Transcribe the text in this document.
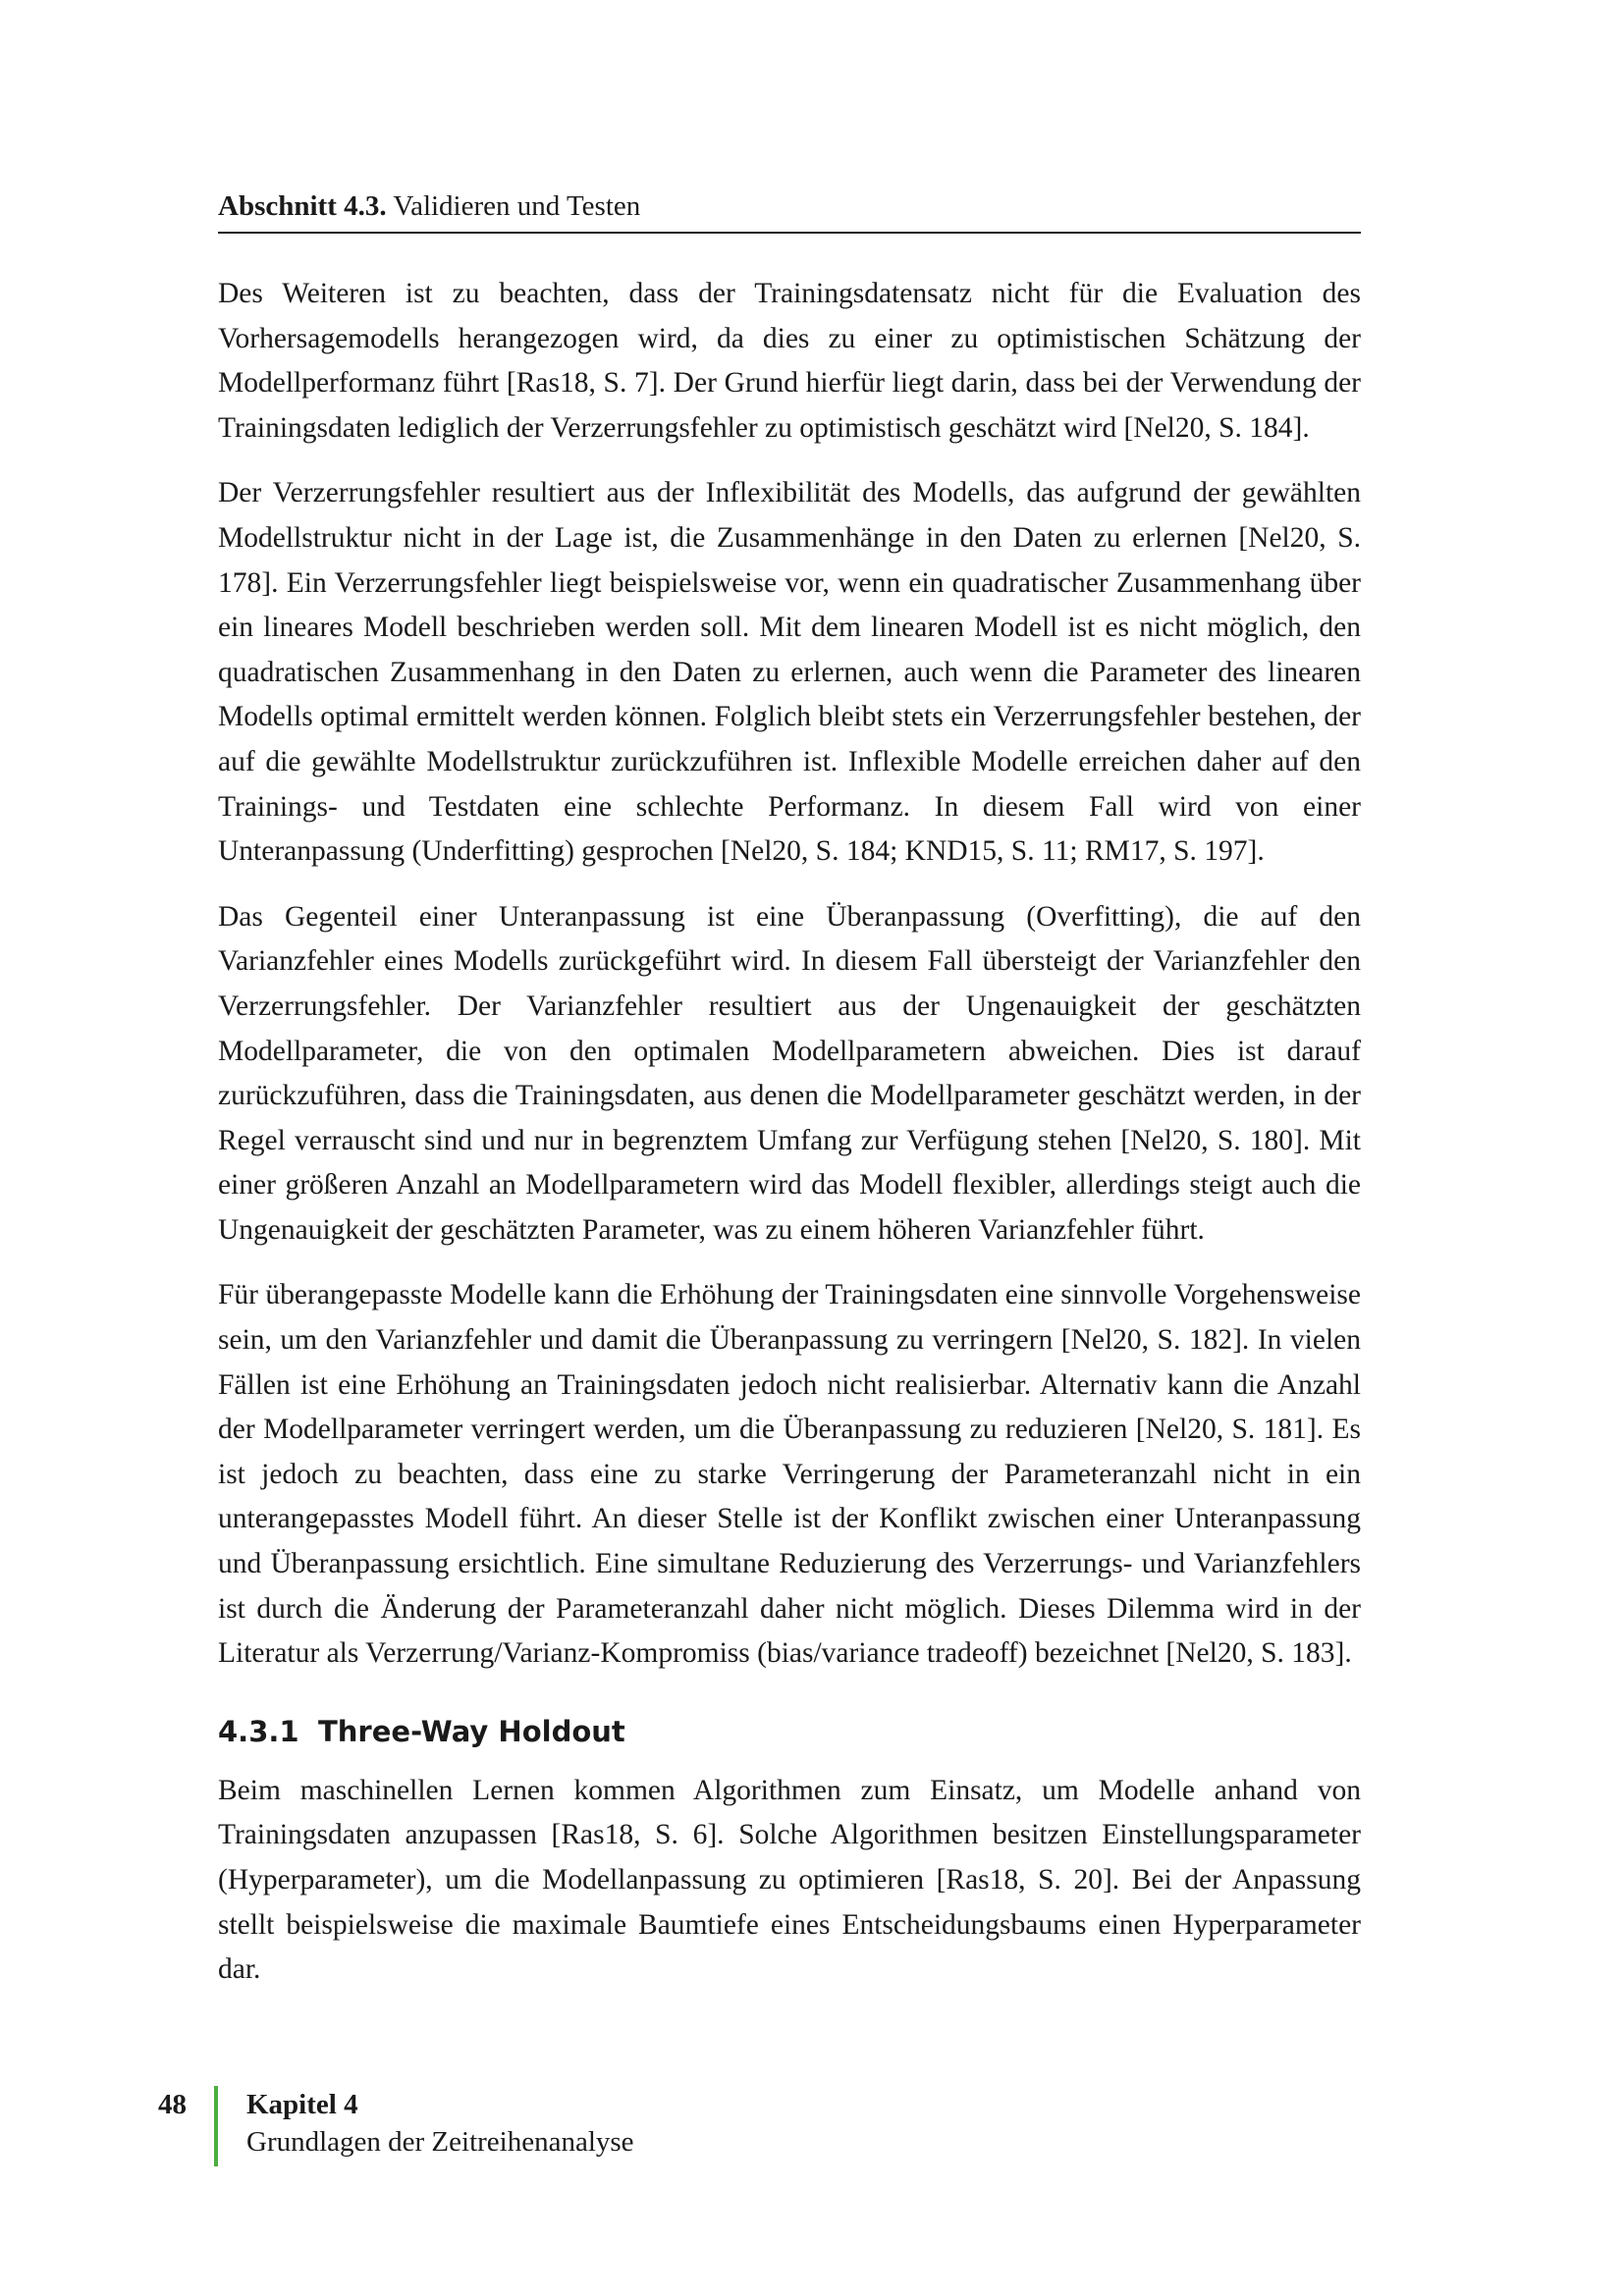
Abschnitt 4.3. Validieren und Testen

Des Weiteren ist zu beachten, dass der Trainingsdatensatz nicht für die Evaluation des Vorhersagemodells herangezogen wird, da dies zu einer zu optimistischen Schätzung der Modellperformanz führt [Ras18, S. 7]. Der Grund hierfür liegt darin, dass bei der Verwendung der Trainingsdaten lediglich der Verzerrungsfehler zu optimistisch geschätzt wird [Nel20, S. 184].

Der Verzerrungsfehler resultiert aus der Inflexibilität des Modells, das aufgrund der gewählten Modellstruktur nicht in der Lage ist, die Zusammenhänge in den Daten zu erlernen [Nel20, S. 178]. Ein Verzerrungsfehler liegt beispielsweise vor, wenn ein quadratischer Zusammenhang über ein lineares Modell beschrieben werden soll. Mit dem linearen Modell ist es nicht möglich, den quadratischen Zusammenhang in den Daten zu erlernen, auch wenn die Parameter des linearen Modells optimal ermittelt werden können. Folglich bleibt stets ein Verzerrungsfehler bestehen, der auf die gewählte Modellstruktur zurückzuführen ist. Inflexible Modelle erreichen daher auf den Trainings- und Testdaten eine schlechte Performanz. In diesem Fall wird von einer Unteranpassung (Underfitting) gesprochen [Nel20, S. 184; KND15, S. 11; RM17, S. 197].

Das Gegenteil einer Unteranpassung ist eine Überanpassung (Overfitting), die auf den Varianzfehler eines Modells zurückgeführt wird. In diesem Fall übersteigt der Varianzfehler den Verzerrungsfehler. Der Varianzfehler resultiert aus der Ungenauigkeit der geschätzten Modellparameter, die von den optimalen Modellparametern abweichen. Dies ist darauf zurückzuführen, dass die Trainingsdaten, aus denen die Modellparameter geschätzt werden, in der Regel verrauscht sind und nur in begrenztem Umfang zur Verfügung stehen [Nel20, S. 180]. Mit einer größeren Anzahl an Modellparametern wird das Modell flexibler, allerdings steigt auch die Ungenauigkeit der geschätzten Parameter, was zu einem höheren Varianzfehler führt.

Für überangepasste Modelle kann die Erhöhung der Trainingsdaten eine sinnvolle Vorgehensweise sein, um den Varianzfehler und damit die Überanpassung zu verringern [Nel20, S. 182]. In vielen Fällen ist eine Erhöhung an Trainingsdaten jedoch nicht realisierbar. Alternativ kann die Anzahl der Modellparameter verringert werden, um die Überanpassung zu reduzieren [Nel20, S. 181]. Es ist jedoch zu beachten, dass eine zu starke Verringerung der Parameteranzahl nicht in ein unterangepasstes Modell führt. An dieser Stelle ist der Konflikt zwischen einer Unteranpassung und Überanpassung ersichtlich. Eine simultane Reduzierung des Verzerrungs- und Varianzfehlers ist durch die Änderung der Parameteranzahl daher nicht möglich. Dieses Dilemma wird in der Literatur als Verzerrung/Varianz-Kompromiss (bias/variance tradeoff) bezeichnet [Nel20, S. 183].

4.3.1 Three-Way Holdout

Beim maschinellen Lernen kommen Algorithmen zum Einsatz, um Modelle anhand von Trainingsdaten anzupassen [Ras18, S. 6]. Solche Algorithmen besitzen Einstellungsparameter (Hyperparameter), um die Modellanpassung zu optimieren [Ras18, S. 20]. Bei der Anpassung stellt beispielsweise die maximale Baumtiefe eines Entscheidungsbaums einen Hyperparameter dar.

48 Kapitel 4
Grundlagen der Zeitreihenanalyse
